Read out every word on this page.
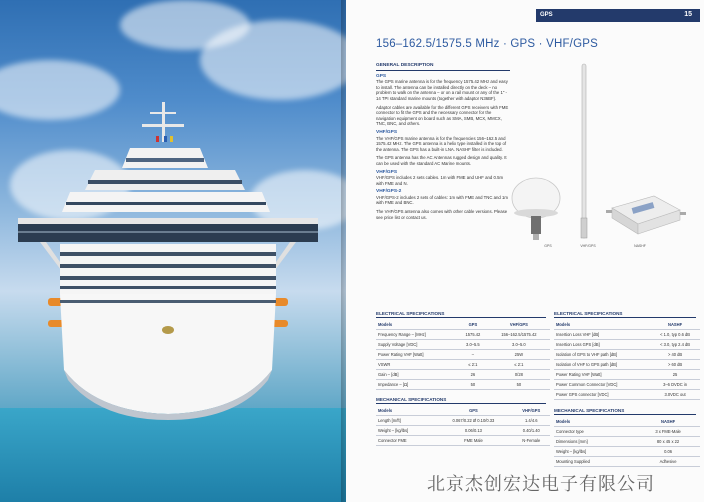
GPS	15
156–162.5/1575.5 MHz · GPS · VHF/GPS
GENERAL DESCRIPTION
GPS

The GPS marine antenna is for the frequency 1575.42 MHz and easy to install. The antenna can be installed directly on the deck – no problem to walk on the antenna – or on a rail mount or any of the 1" - 14 TPI standard marine mounts (together with adaptor N36BF).

Adaptor cables are available for the different GPS receivers with FME connector to fit the GPS and the necessary connector for the navigation equipment on board such as SMA, SMB, MCX, MMCX, TNC, BNC, and others.

VHF/GPS

The VHF/GPS marine antenna is for the frequencies 156–162.5 and 1575.42 MHz. The GPS antenna is a helix type installed in the top of the antenna. The GPS has a built-in LNA. NASHF filter is included.

The GPS antenna has the AC Antennas rugged design and quality. It can be used with the standard AC Marine mounts.

VHF/GPS

VHF/GPS includes 2 sets cables. 1m with FME and UHF and 0.5m with FME and N.

VHF/GPS-2

VHF/GPS-2 includes 2 sets of cables: 1m with FME and TNC and 1m with FME and BNC.

The VHF/GPS antenna also comes with other cable versions. Please see price list or contact us.

GPS	VHF/GPS	NASHF
ELECTRICAL SPECIFICATIONS
Models	GPS	VHF/GPS
Frequency Range – [MHz]	1575.42	156–162.5/1575.42
Supply Voltage [VDC]	3.0–5.5	3.0–5.0
Power Rating VHF [Watt]	–	25W
VSWR	≤ 2:1	≤ 2:1
Gain – [dB]	26	0/28
Impedance – [Ω]	50	50
MECHANICAL SPECIFICATIONS
Models	GPS	VHF/GPS
Length [m/ft]	0.067/0.22 Ø 0.10/0.33	1.4/4.6
Weight – [kg/lbs]	0.06/0.13	0.40/1.40
Connector FME	FME Male	N-Female
ELECTRICAL SPECIFICATIONS
Models	NASHF
Insertion Loss VHF [dB]	< 1.0, typ 0.6 dB
Insertion Loss GPS [dB]	< 3.0, typ 2.4 dB
Isolation of GPS to VHF path [dB]	> 40 dB
Isolation of VHF to GPS path [dB]	> 60 dB
Power Rating VHF [Watt]	25
Power Common Connector [VDC]	3–6 DVDC in
Power GPS connector [VDC]	3.0VDC out
MECHANICAL SPECIFICATIONS
Models	NASHF
Connector type	3 x FME-Male
Dimensions [mm]	80 x 45 x 22
Weight – [kg/lbs]	0.06
Mounting Supplied	Adhesive
北京杰创宏达电子有限公司
